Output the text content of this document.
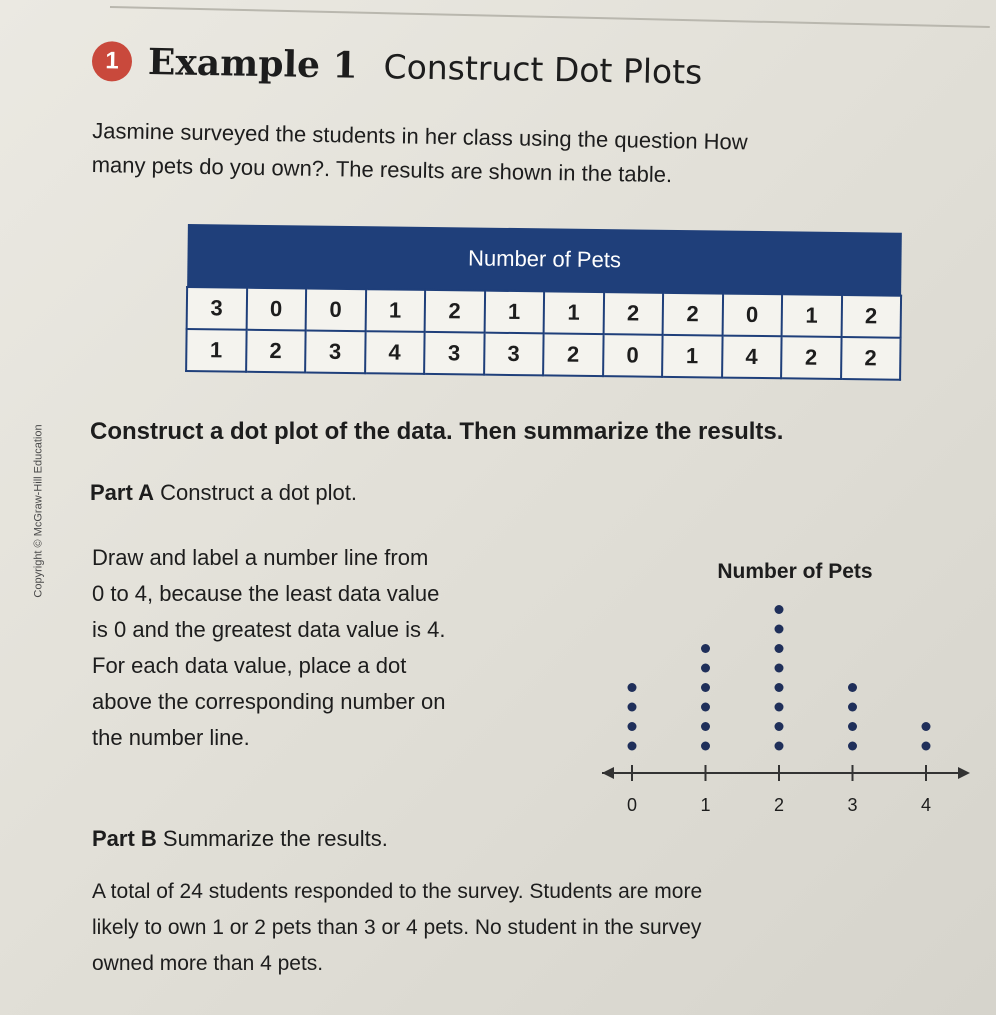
Copyright © McGraw-Hill Education
1 Example 1 Construct Dot Plots
Jasmine surveyed the students in her class using the question How
many pets do you own?. The results are shown in the table.
Number of Pets											
3	0	0	1	2	1	1	2	2	0	1	2
1	2	3	4	3	3	2	0	1	4	2	2
Construct a dot plot of the data. Then summarize the results.
Part A Construct a dot plot.

Draw and label a number line from

0 to 4, because the least data value

is 0 and the greatest data value is 4.

For each data value, place a dot

above the corresponding number on

the number line.

Number of Pets
0	1	2	3	4
Part B Summarize the results.

A total of 24 students responded to the survey. Students are more

likely to own 1 or 2 pets than 3 or 4 pets. No student in the survey

owned more than 4 pets.
